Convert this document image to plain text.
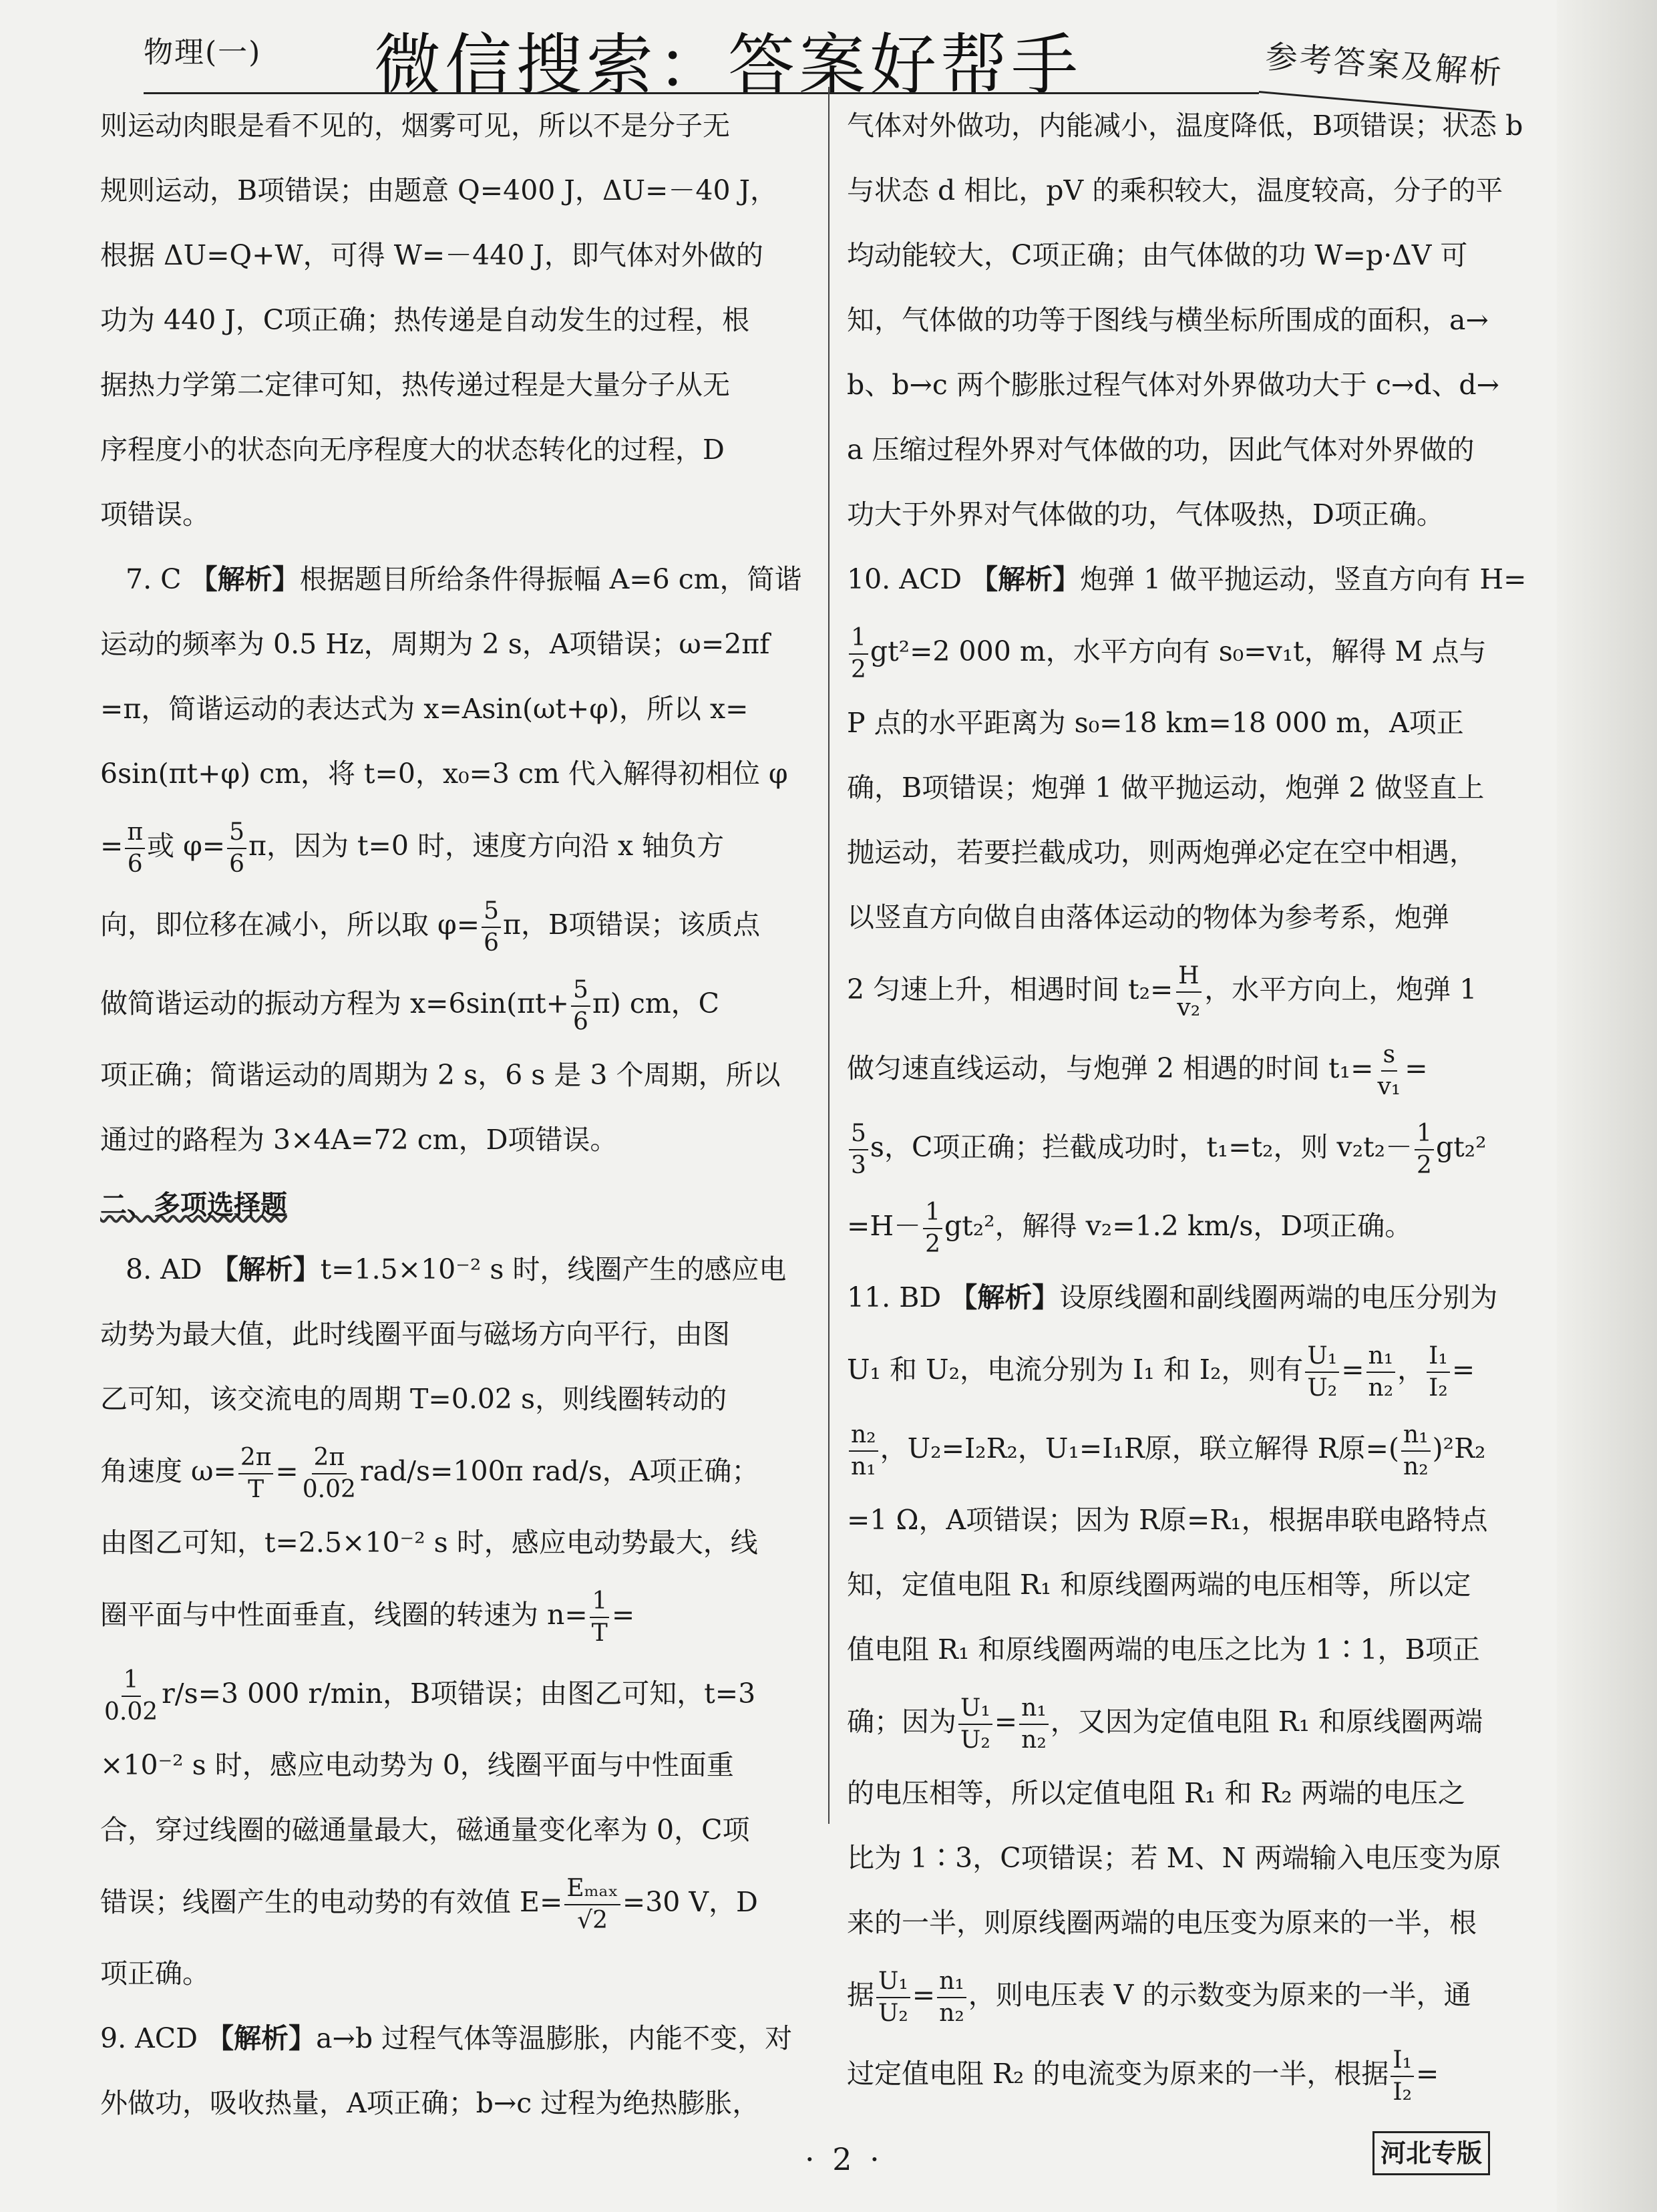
物理(一) 微信搜索：答案好帮手	参考答案及解析
则运动肉眼是看不见的，烟雾可见，所以不是分子无
规则运动，B项错误；由题意 Q=400 J，ΔU=－40 J，
根据 ΔU=Q+W，可得 W=－440 J，即气体对外做的
功为 440 J，C项正确；热传递是自动发生的过程，根
据热力学第二定律可知，热传递过程是大量分子从无
序程度小的状态向无序程度大的状态转化的过程，D
项错误。
7. C 【解析】根据题目所给条件得振幅 A=6 cm，简谐
运动的频率为 0.5 Hz，周期为 2 s，A项错误；ω=2πf
=π，简谐运动的表达式为 x=Asin(ωt+φ)，所以 x=
6sin(πt+φ) cm，将 t=0，x₀=3 cm 代入解得初相位 φ
= $\frac{\pi}{6}$ 或 $\varphi= \frac{5}{6}$ π，因为 t=0 时，速度方向沿 x 轴负方
向，即位移在减小，所以取 $\varphi= \frac{5}{6}$ π，B项错误；该质点
做简谐运动的振动方程为 $x=6\sin(\pi t+ \frac{5}{6} \pi)$ cm，C
项正确；简谐运动的周期为 2 s，6 s 是 3 个周期，所以
通过的路程为 3×4A=72 cm，D项错误。
二、多项选择题
8. AD 【解析】t=1.5×10⁻² s 时，线圈产生的感应电
动势为最大值，此时线圈平面与磁场方向平行，由图
乙可知，该交流电的周期 T=0.02 s，则线圈转动的
角速度 $\omega= \frac{2\pi}{T} = \frac{2\pi}{0.02} rad/s=100\pi$ rad/s，A项正确；
由图乙可知，t=2.5×10⁻² s 时，感应电动势最大，线
圈平面与中性面垂直，线圈的转速为 $n= \frac{1}{T}$ =
$\frac{1}{0.02} r/s=3$ 000 r/min，B项错误；由图乙可知，t=3
×10⁻² s 时，感应电动势为 0，线圈平面与中性面重
合，穿过线圈的磁通量最大，磁通量变化率为 0，C项
错误；线圈产生的电动势的有效值 $E= \frac{\text{Eₘₐₓ}}{√2} =30$ V，D
项正确。
9. ACD 【解析】a→b 过程气体等温膨胀，内能不变，对
外做功，吸收热量，A项正确；b→c 过程为绝热膨胀，
气体对外做功，内能减小，温度降低，B项错误；状态 b
与状态 d 相比，pV 的乘积较大，温度较高，分子的平
均动能较大，C项正确；由气体做的功 W=p·ΔV 可
知，气体做的功等于图线与横坐标所围成的面积，a→
b、b→c 两个膨胀过程气体对外界做功大于 c→d、d→
a 压缩过程外界对气体做的功，因此气体对外界做的
功大于外界对气体做的功，气体吸热，D项正确。
10. ACD 【解析】炮弹 1 做平抛运动，竖直方向有 H=
$\frac{1}{2} gt^2=2$ 000 m，水平方向有 s₀=v₁t，解得 M 点与
P 点的水平距离为 s₀=18 km=18 000 m，A项正
确，B项错误；炮弹 1 做平抛运动，炮弹 2 做竖直上
抛运动，若要拦截成功，则两炮弹必定在空中相遇，
以竖直方向做自由落体运动的物体为参考系，炮弹
2 匀速上升，相遇时间 $t_2= \frac{H}{\text{v₂}}$ ，水平方向上，炮弹 1
做匀速直线运动，与炮弹 2 相遇的时间 $t_1= \frac{s}{\text{v₁}}$ =
$\frac{5}{3}$ s，C项正确；拦截成功时，t₁=t₂，则 $v_2t_2- \frac{1}{2} gt_2^2$
$=H- \frac{1}{2} gt_2^2$，解得 v₂=1.2 km/s，D项正确。
11. BD 【解析】设原线圈和副线圈两端的电压分别为
U₁ 和 U₂，电流分别为 I₁ 和 I₂，则有 $\frac{\text{U₁}}{\text{U₂}} = \frac{\text{n₁}}{\text{n₂}}$ ， $\frac{\text{I₁}}{\text{I₂}}$ =
$\frac{\text{n₂}}{\text{n₁}}$ ，U₂=I₂R₂，U₁=I₁R原，联立解得 R原=( $\frac{\text{n₁}}{\text{n₂}} )^2R_2$
=1 Ω，A项错误；因为 R原=R₁，根据串联电路特点
知，定值电阻 R₁ 和原线圈两端的电压相等，所以定
值电阻 R₁ 和原线圈两端的电压之比为 1∶1，B项正
确；因为 $\frac{\text{U₁}}{\text{U₂}} = \frac{\text{n₁}}{\text{n₂}}$ ，又因为定值电阻 R₁ 和原线圈两端
的电压相等，所以定值电阻 R₁ 和 R₂ 两端的电压之
比为 1∶3，C项错误；若 M、N 两端输入电压变为原
来的一半，则原线圈两端的电压变为原来的一半，根
据 $\frac{\text{U₁}}{\text{U₂}} = \frac{\text{n₁}}{\text{n₂}}$ ，则电压表 V 的示数变为原来的一半，通
过定值电阻 R₂ 的电流变为原来的一半，根据 $\frac{\text{I₁}}{\text{I₂}}$ =
· 2 ·	河北专版
